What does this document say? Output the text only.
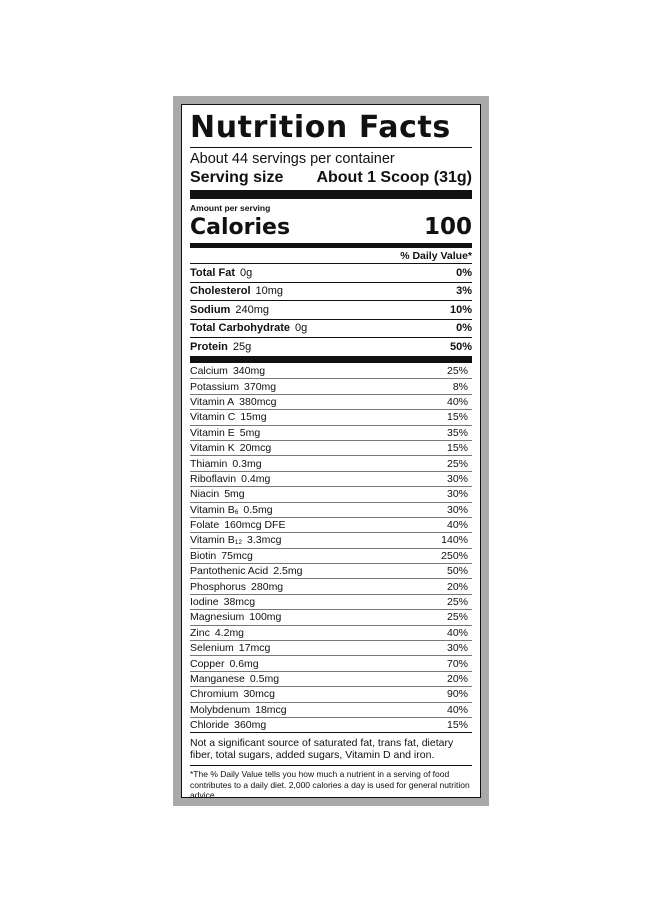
Nutrition Facts
About 44 servings per container
Serving size About 1 Scoop (31g)
Amount per serving
Calories	100
% Daily Value*
Total Fat 0g	0%
Cholesterol 10mg	3%
Sodium 240mg	10%
Total Carbohydrate 0g	0%
Protein 25g	50%
Calcium 340mg	25%
Potassium 370mg	8%
Vitamin A 380mcg	40%
Vitamin C 15mg	15%
Vitamin E 5mg	35%
Vitamin K 20mcg	15%
Thiamin 0.3mg	25%
Riboflavin 0.4mg	30%
Niacin 5mg	30%
Vitamin $B_6$ 0.5mg	30%
Folate 160mcg DFE	40%
Vitamin $B_{12}$ 3.3mcg	140%
Biotin 75mcg	250%
Pantothenic Acid 2.5mg	50%
Phosphorus 280mg	20%
Iodine 38mcg	25%
Magnesium 100mg	25%
Zinc 4.2mg	40%
Selenium 17mcg	30%
Copper 0.6mg	70%
Manganese 0.5mg	20%
Chromium 30mcg	90%
Molybdenum 18mcg	40%
Chloride 360mg	15%
Not a significant source of saturated fat, trans fat, dietary fiber, total sugars, added sugars, Vitamin D and iron.
*The % Daily Value tells you how much a nutrient in a serving of food contributes to a daily diet. 2,000 calories a day is used for general nutrition advice.
